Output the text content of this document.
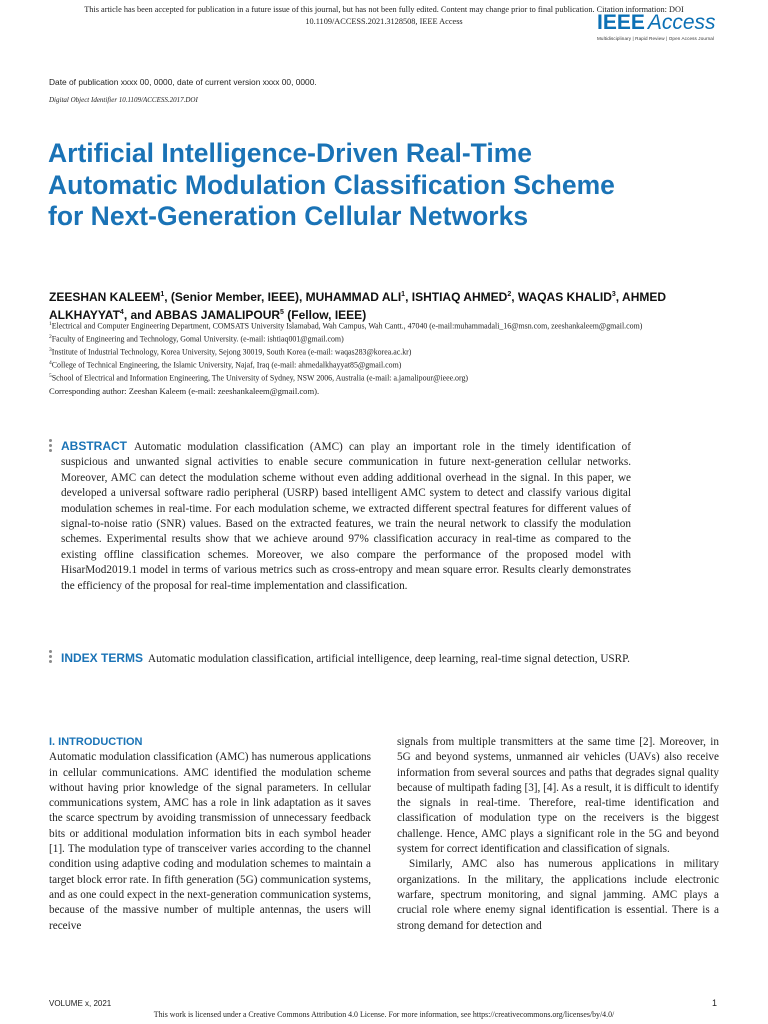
This article has been accepted for publication in a future issue of this journal, but has not been fully edited. Content may change prior to final publication. Citation information: DOI
10.1109/ACCESS.2021.3128508, IEEE Access	IEEE Access
Multidisciplinary | Rapid Review | Open Access Journal
Date of publication xxxx 00, 0000, date of current version xxxx 00, 0000.
Digital Object Identifier 10.1109/ACCESS.2017.DOI
Artificial Intelligence-Driven Real-Time Automatic Modulation Classification Scheme for Next-Generation Cellular Networks
ZEESHAN KALEEM$^1$, (Senior Member, IEEE), MUHAMMAD ALI$^1$, ISHTIAQ AHMED$^2$, WAQAS KHALID$^3$, AHMED ALKHAYYAT$^4$, and ABBAS JAMALIPOUR$^5$ (Fellow, IEEE)
$^1$Electrical and Computer Engineering Department, COMSATS University Islamabad, Wah Campus, Wah Cantt., 47040 (e-mail:muhammadali_16@msn.com, zeeshankaleem@gmail.com)
$^2$Faculty of Engineering and Technology, Gomal University. (e-mail: ishtiaq001@gmail.com)
$^3$Institute of Industrial Technology, Korea University, Sejong 30019, South Korea (e-mail: waqas283@korea.ac.kr)
$^4$College of Technical Engineering, the Islamic University, Najaf, Iraq (e-mail: ahmedalkhayyat85@gmail.com)
$^5$School of Electrical and Information Engineering, The University of Sydney, NSW 2006, Australia (e-mail: a.jamalipour@ieee.org)
Corresponding author: Zeeshan Kaleem (e-mail: zeeshankaleem@gmail.com).
ABSTRACT Automatic modulation classification (AMC) can play an important role in the timely identification of suspicious and unwanted signal activities to enable secure communication in future next-generation cellular networks. Moreover, AMC can detect the modulation scheme without even adding additional overhead in the signal. In this paper, we developed a universal software radio peripheral (USRP) based intelligent AMC system to detect and classify various digital modulation schemes in real-time. For each modulation scheme, we extracted different spectral features for different values of signal-to-noise ratio (SNR) values. Based on the extracted features, we train the neural network to classify the modulation schemes. Experimental results show that we achieve around 97% classification accuracy in real-time as compared to the existing offline classification schemes. Moreover, we also compare the performance of the proposed model with HisarMod2019.1 model in terms of various metrics such as cross-entropy and mean square error. Results clearly demonstrates the efficiency of the proposal for real-time implementation and classification.
INDEX TERMS Automatic modulation classification, artificial intelligence, deep learning, real-time signal detection, USRP.
I. INTRODUCTION

Automatic modulation classification (AMC) has numerous applications in cellular communications. AMC identified the modulation scheme without having prior knowledge of the signal parameters. In cellular communications system, AMC has a role in link adaptation as it saves the scarce spectrum by avoiding transmission of unnecessary feedback bits or additional modulation information bits in each symbol header [1]. The modulation type of transceiver varies according to the channel condition using adaptive coding and modulation schemes to maintain a target block error rate. In fifth generation (5G) communication systems, and as one could expect in the next-generation communication systems, because of the massive number of multiple antennas, the users will receive

signals from multiple transmitters at the same time [2]. Moreover, in 5G and beyond systems, unmanned air vehicles (UAVs) also receive information from several sources and paths that degrades signal quality because of multipath fading [3], [4]. As a result, it is difficult to identify the signals in real-time. Therefore, real-time identification and classification of modulation type on the receivers is the biggest challenge. Hence, AMC plays a significant role in the 5G and beyond system for correct identification and classification of signals.

Similarly, AMC also has numerous applications in military organizations. In the military, the applications include electronic warfare, spectrum monitoring, and signal jamming. AMC plays a crucial role where enemy signal identification is essential. There is a strong demand for detection and

VOLUME x, 2021	1
This work is licensed under a Creative Commons Attribution 4.0 License. For more information, see https://creativecommons.org/licenses/by/4.0/
